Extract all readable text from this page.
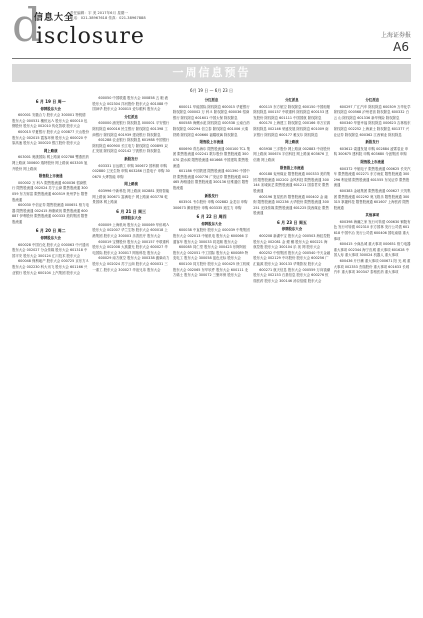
d
信息大全
isclosure
责任编辑：宇 美 2017年6月 星期一
电话：021-38967618 传真：021-38967888
上海证券报
A6
一周信息预告
6月 19 日 — 6月 23 日
6 月 19 日 周一
停牌股东大会

600001 安徽合力 股东大会 300001 特锐德 股东大会 000531 穗恒运Ａ 股东大会 600010 包钢股份 股东大会 002010 传化智联 股东大会

600015 华夏银行 股东大会 000877 天山股份 股东大会 002015 霞客环保 股东大会 600020 中原高速 股东大会 300020 银江股份 股东大会

网上路演

603001 奥康国际 网上路演 002788 鹭燕医药 网上路演 300600 瑞特股份 网上路演 603305 旭升股份 网上路演

限售股上市流通

000002 万 科Ａ 限售股流通 600036 招商银行 限售股流通 002024 苏宁云商 限售股流通 300059 东方财富 限售股流通 600519 贵州茅台 限售股流通

600030 中信证券 限售股流通 000651 格力电器 限售股流通 002415 海康威视 限售股流通 600887 伊利股份 限售股流通 000333 美的集团 限售股流通

6 月 20 日 周二
停牌股东大会

600028 中国石化 股东大会 000063 中兴通讯 股东大会 002027 分众传媒 股东大会 601318 中国平安 股东大会 300124 汇川技术 股东大会

600048 保利地产 股东大会 000725 京东方Ａ 股东大会 002230 科大讯飞 股东大会 601166 兴业银行 股东大会 600104 上汽集团 股东大会

600050 中国联通 股东大会 000858 五 粮 液 股东大会 002304 洋河股份 股东大会 601088 中国神华 股东大会 300015 爱尔眼科 股东大会

分红派息

600000 浦发银行 除权除息 000001 平安银行 除权除息 600016 民生银行 除权除息 601398 工商银行 除权除息 601939 建设银行 除权除息

601288 农业银行 除权除息 601988 中国银行 除权除息 600900 长江电力 除权除息 000895 双汇发展 除权除息 002142 宁波银行 除权除息

新股发行

603331 百达精工 申购 300672 国科微 申购 002880 卫光生物 申购 603286 日盈电子 申购 300670 大烨智能 申购

网上路演

603996 中新科技 网上路演 002881 美格智能 网上路演 300671 富满电子 网上路演 603778 乾景园林 网上路演

6 月 21 日 周三
停牌股东大会

600009 上海机场 股东大会 000069 华侨城Ａ 股东大会 002007 华兰生物 股东大会 600018 上港集团 股东大会 300003 乐普医疗 股东大会

600019 宝钢股份 股东大会 000157 中联重科 股东大会 002008 大族激光 股东大会 600027 华电国际 股东大会 300017 网宿科技 股东大会

600029 南方航空 股东大会 000338 潍柴动力 股东大会 002024 苏宁云商 股东大会 600031 三一重工 股东大会 300027 华谊兄弟 股东大会

分红派息

600011 华能国际 除权除息 600015 华夏银行 除权除息 000002 万 科Ａ 除权除息 600036 招商银行 除权除息 601601 中国太保 除权除息

600585 海螺水泥 除权除息 000538 云南白药 除权除息 002294 信立泰 除权除息 601006 大秦铁路 除权除息 600660 福耀玻璃 除权除息

限售股上市流通

600690 青岛海尔 限售股流通 000100 TCL 集团 限售股流通 002241 歌尔股份 限售股流通 300070 碧水源 限售股流通 601668 中国建筑 限售股流通

601186 中国铁建 限售股流通 601390 中国中铁 限售股流通 000776 广发证券 限售股流通 002465 海格通信 限售股流通 300136 信维通信 限售股流通

新股发行

603501 韦尔股份 申购 002882 金龙羽 申购 300673 佩蒂股份 申购 603335 迪生力 申购

6 月 22 日 周四
停牌股东大会

600038 中直股份 股东大会 000039 中集集团 股东大会 002013 中航机电 股东大会 600066 宇通客车 股东大会 300033 同花顺 股东大会

600085 同仁堂 股东大会 000423 东阿阿胶 股东大会 002051 中工国际 股东大会 600089 特变电工 股东大会 300058 蓝色光标 股东大会

600100 同方股份 股东大会 000425 徐工机械 股东大会 002065 东华软件 股东大会 600111 北方稀土 股东大会 300072 三聚环保 股东大会

分红派息

600115 东方航空 除权除息 600150 中国船舶 除权除息 000157 中联重科 除权除息 600153 建发股份 除权除息 601111 中国国航 除权除息

600170 上海建工 除权除息 000166 申万宏源 除权除息 002146 荣盛发展 除权除息 601009 南京银行 除权除息 600177 雅戈尔 除权除息

网上路演

603938 三孚股份 网上路演 002883 中设股份 网上路演 300674 宇信科技 网上路演 603676 卫信康 网上路演

限售股上市流通

600188 兖州煤业 限售股流通 000333 美的集团 限售股流通 002202 金风科技 限售股流通 300144 宋城演艺 限售股流通 601211 国泰君安 限售股流通

600196 复星医药 限售股流通 000402 金 融 街 限售股流通 002236 大华股份 限售股流通 300251 光线传媒 限售股流通 601225 陕西煤业 限售股流通

6 月 23 日 周五
停牌股东大会

600208 新湖中宝 股东大会 000503 海虹控股 股东大会 002081 金 螳 螂 股东大会 600221 海航控股 股东大会 300104 乐 视 网 股东大会

600252 中恒集团 股东大会 000540 中天金融 股东大会 002129 中环股份 股东大会 600256 广汇能源 股东大会 300133 华策影视 股东大会

600271 航天信息 股东大会 000559 万向钱潮 股东大会 002153 石基信息 股东大会 600276 恒瑞医药 股东大会 300146 汤臣倍健 股东大会

分红派息

600297 广汇汽车 除权除息 600309 万华化学 除权除息 000568 泸州老窖 除权除息 600332 白 云 山 除权除息 601336 新华保险 除权除息

600340 华夏幸福 除权除息 000623 吉林敖东 除权除息 002252 上海莱士 除权除息 601377 兴业证券 除权除息 600362 江西铜业 除权除息

新股发行

603612 索通发展 申购 002884 凌霄泵业 申购 300675 建科院 申购 603680 今创集团 申购

限售股上市流通

600372 中航电子 限售股流通 000625 长安汽车 限售股流通 002271 东方雨虹 限售股流通 300296 利亚德 限售股流通 601555 东吴证券 限售股流通

600383 金地集团 限售股流通 000627 天茂集团 限售股流通 002292 奥飞娱乐 限售股流通 300315 掌趣科技 限售股流通 601607 上海医药 限售股流通

其他事项

600398 海澜之家 发行可转债 000630 铜陵有色 发行可转债 002310 东方园林 发行公司债 601618 中国中冶 发行公司债 600406 国电南瑞 重大事项

600415 小商品城 重大事项 000651 格力电器 重大事项 002344 海宁皮城 重大事项 601628 中国人寿 重大事项 300024 机器人 重大事项

600436 片仔癀 重大事项 000671 阳 光 城 重大事项 002353 杰瑞股份 重大事项 601633 长城汽车 重大事项 300347 泰格医药 重大事项
